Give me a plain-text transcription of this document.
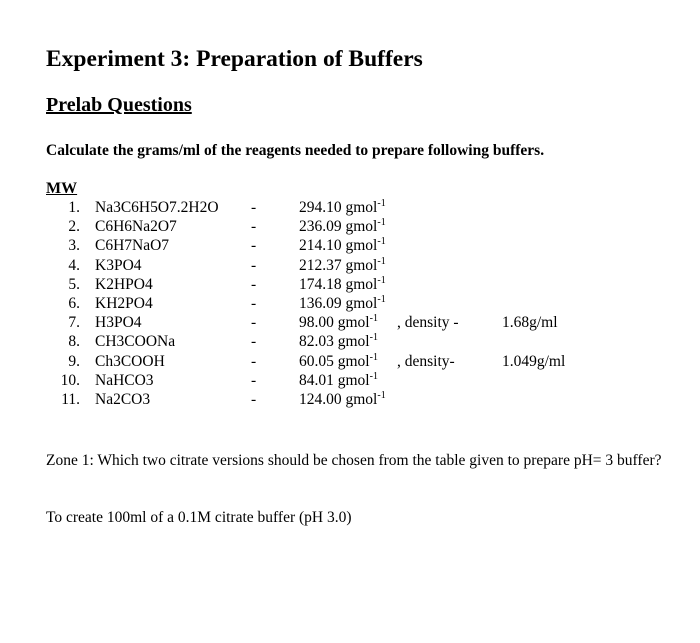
Experiment 3: Preparation of Buffers
Prelab Questions
Calculate the grams/ml of the reagents needed to prepare following buffers.
MW
1. Na3C6H5O7.2H2O -	294.10 gmol$^{-1}$
2. C6H6Na2O7	-	236.09 gmol$^{-1}$
3. C6H7NaO7	-	214.10 gmol$^{-1}$
4. K3PO4	-	212.37 gmol$^{-1}$
5. K2HPO4	-	174.18 gmol$^{-1}$
6. KH2PO4	-	136.09 gmol$^{-1}$
7. H3PO4	-	98.00 gmol$^{-1}$ , density -	1.68g/ml
8. CH3COONa	-	82.03 gmol$^{-1}$
9. Ch3COOH	-	60.05 gmol$^{-1}$ , density-	1.049g/ml
10. NaHCO3	-	84.01 gmol$^{-1}$
11. Na2CO3	-	124.00 gmol$^{-1}$
Zone 1: Which two citrate versions should be chosen from the table given to prepare pH= 3 buffer?
To create 100ml of a 0.1M citrate buffer (pH 3.0)
